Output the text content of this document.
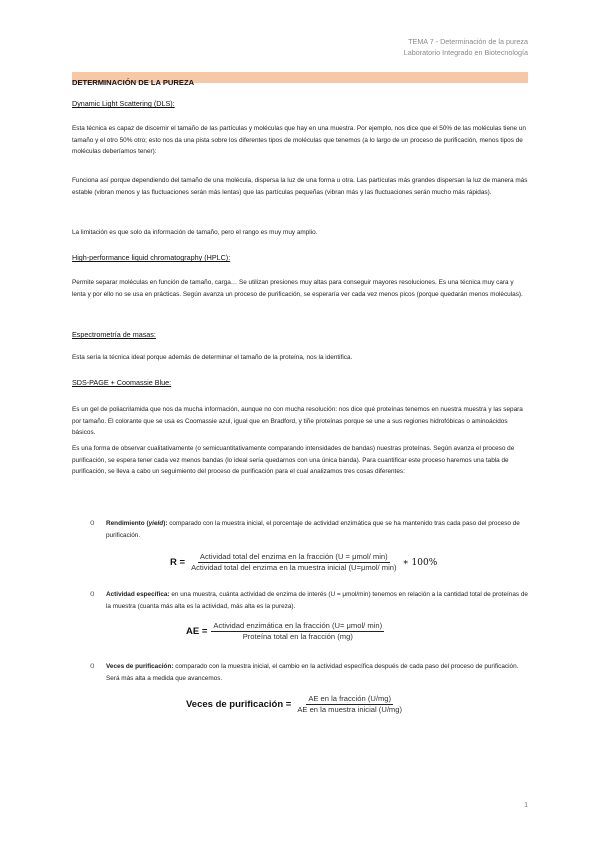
TEMA 7 - Determinación de la pureza
Laboratorio Integrado en Biotecnología
DETERMINACIÓN DE LA PUREZA
Dynamic Light Scattering (DLS):

Esta técnica es capaz de discernir el tamaño de las partículas y moléculas que hay en una muestra. Por ejemplo, nos dice que el 50% de las moléculas tiene un tamaño y el otro 50% otro; esto nos da una pista sobre los diferentes tipos de moléculas que tenemos (a lo largo de un proceso de purificación, menos tipos de moléculas deberíamos tener):

Funciona así porque dependiendo del tamaño de una molécula, dispersa la luz de una forma u otra. Las partículas más grandes dispersan la luz de manera más estable (vibran menos y las fluctuaciones serán más lentas) que las partículas pequeñas (vibran más y las fluctuaciones serán mucho más rápidas).

La limitación es que solo da información de tamaño, pero el rango es muy muy amplio.

High-performance liquid chromatography (HPLC):

Permite separar moléculas en función de tamaño, carga… Se utilizan presiones muy altas para conseguir mayores resoluciones. Es una técnica muy cara y lenta y por ello no se usa en prácticas. Según avanza un proceso de purificación, se esperaría ver cada vez menos picos (porque quedarán menos moléculas).

Espectrometría de masas:

Esta sería la técnica ideal porque además de determinar el tamaño de la proteína, nos la identifica.

SDS-PAGE + Coomassie Blue:

Es un gel de poliacrilamida que nos da mucha información, aunque no con mucha resolución: nos dice qué proteínas tenemos en nuestra muestra y las separa por tamaño. El colorante que se usa es Coomassie azul, igual que en Bradford, y tiñe proteínas porque se une a sus regiones hidrofóbicas o aminoácidos básicos.

Es una forma de observar cualitativamente (o semicuantitativamente comparando intensidades de bandas) nuestras proteínas. Según avanza el proceso de purificación, se espera tener cada vez menos bandas (lo ideal sería quedarnos con una única banda). Para cuantificar este proceso haremos una tabla de purificación, se lleva a cabo un seguimiento del proceso de purificación para el cual analizamos tres cosas diferentes:

o Rendimiento (yield): comparado con la muestra inicial, el porcentaje de actividad enzimática que se ha mantenido tras cada paso del proceso de purificación.

R =
Actividad total del enzima en la fracción (U = μmol/ min)
Actividad total del enzima en la muestra inicial (U=μmol/ min) ∗ 100%
o Actividad específica: en una muestra, cuánta actividad de enzima de interés (U = μmol/min) tenemos en relación a la cantidad total de proteínas de la muestra (cuanta más alta es la actividad, más alta es la pureza).

AE = $\frac{\text{Actividad enzimática en la fracción (U= μmol/ min)}}{\text{Proteína total en la fracción (mg)}}$
o Veces de purificación: comparado con la muestra inicial, el cambio en la actividad específica después de cada paso del proceso de purificación. Será más alta a medida que avancemos.

Veces de purificación = $\frac{\text{AE en la fracción (U/mg)}}{\text{AE en la muestra inicial (U/mg)}}$
1
